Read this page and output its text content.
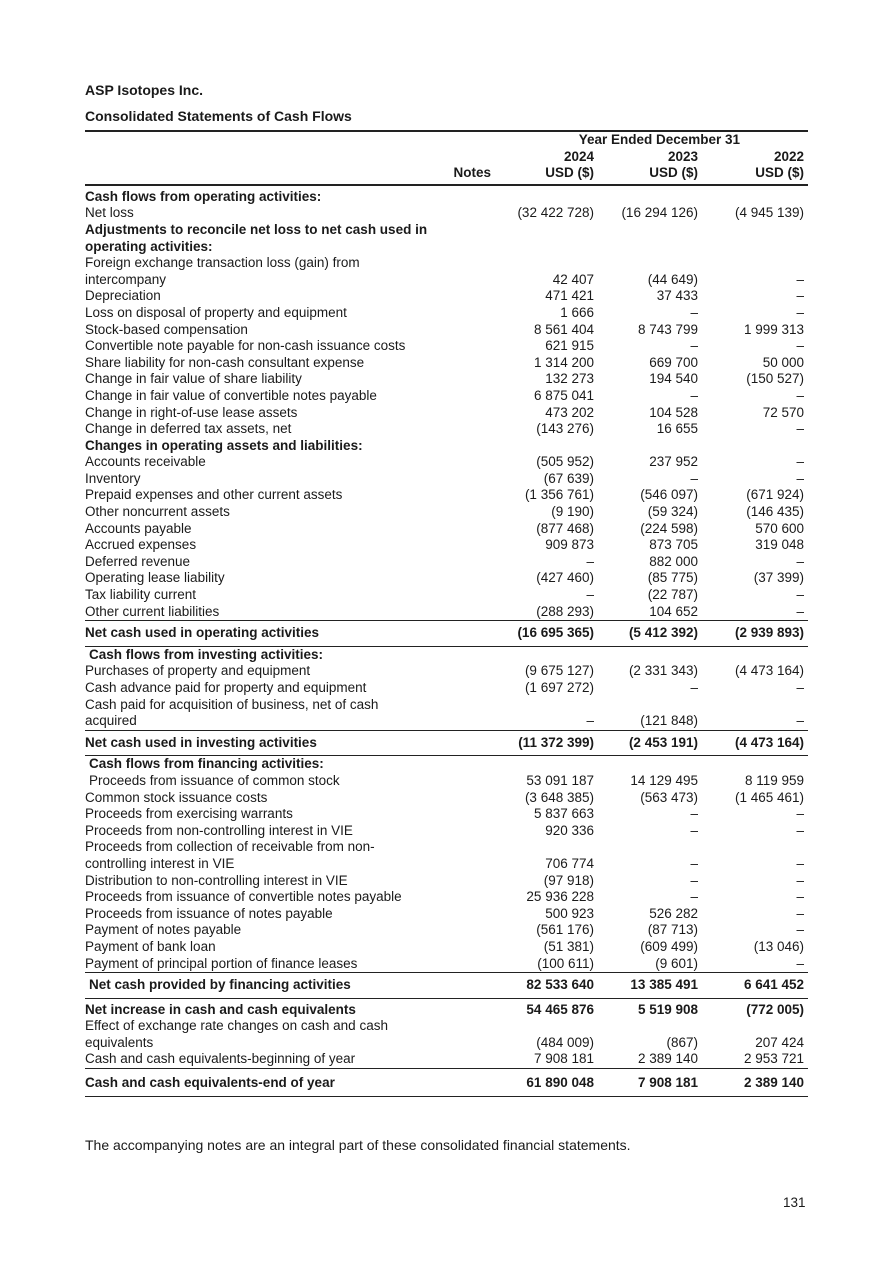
ASP Isotopes Inc.
Consolidated Statements of Cash Flows
		Year Ended December 31		
		2024	2023	2022
	Notes	USD ($)	USD ($)	USD ($)
Cash flows from operating activities:				
Net loss		(32 422 728)	(16 294 126)	(4 945 139)
Adjustments to reconcile net loss to net cash used in				
operating activities:				
Foreign exchange transaction loss (gain) from				
intercompany		42 407	(44 649)	–
Depreciation		471 421	37 433	–
Loss on disposal of property and equipment		1 666	–	–
Stock-based compensation		8 561 404	8 743 799	1 999 313
Convertible note payable for non-cash issuance costs		621 915	–	–
Share liability for non-cash consultant expense		1 314 200	669 700	50 000
Change in fair value of share liability		132 273	194 540	(150 527)
Change in fair value of convertible notes payable		6 875 041	–	–
Change in right-of-use lease assets		473 202	104 528	72 570
Change in deferred tax assets, net		(143 276)	16 655	–
Changes in operating assets and liabilities:				
Accounts receivable		(505 952)	237 952	–
Inventory		(67 639)	–	–
Prepaid expenses and other current assets		(1 356 761)	(546 097)	(671 924)
Other noncurrent assets		(9 190)	(59 324)	(146 435)
Accounts payable		(877 468)	(224 598)	570 600
Accrued expenses		909 873	873 705	319 048
Deferred revenue		–	882 000	–
Operating lease liability		(427 460)	(85 775)	(37 399)
Tax liability current		–	(22 787)	–
Other current liabilities		(288 293)	104 652	–
Net cash used in operating activities		(16 695 365)	(5 412 392)	(2 939 893)
Cash flows from investing activities:				
Purchases of property and equipment		(9 675 127)	(2 331 343)	(4 473 164)
Cash advance paid for property and equipment		(1 697 272)	–	–
Cash paid for acquisition of business, net of cash				
acquired		–	(121 848)	–
Net cash used in investing activities		(11 372 399)	(2 453 191)	(4 473 164)
Cash flows from financing activities:				
Proceeds from issuance of common stock		53 091 187	14 129 495	8 119 959
Common stock issuance costs		(3 648 385)	(563 473)	(1 465 461)
Proceeds from exercising warrants		5 837 663	–	–
Proceeds from non-controlling interest in VIE		920 336	–	–
Proceeds from collection of receivable from non-				
controlling interest in VIE		706 774	–	–
Distribution to non-controlling interest in VIE		(97 918)	–	–
Proceeds from issuance of convertible notes payable		25 936 228	–	–
Proceeds from issuance of notes payable		500 923	526 282	–
Payment of notes payable		(561 176)	(87 713)	–
Payment of bank loan		(51 381)	(609 499)	(13 046)
Payment of principal portion of finance leases		(100 611)	(9 601)	–
Net cash provided by financing activities		82 533 640	13 385 491	6 641 452
Net increase in cash and cash equivalents		54 465 876	5 519 908	(772 005)
Effect of exchange rate changes on cash and cash				
equivalents		(484 009)	(867)	207 424
Cash and cash equivalents-beginning of year		7 908 181	2 389 140	2 953 721
Cash and cash equivalents-end of year		61 890 048	7 908 181	2 389 140
The accompanying notes are an integral part of these consolidated financial statements.
131
